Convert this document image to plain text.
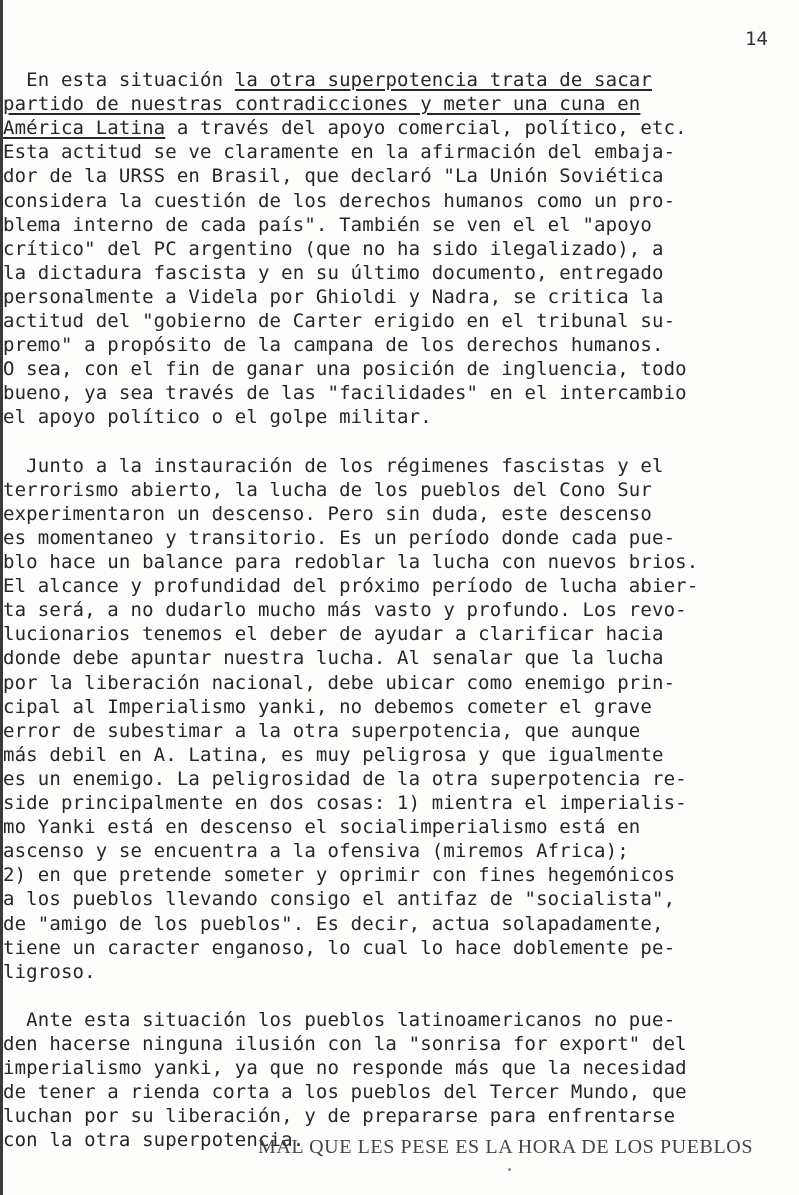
14
En esta situación la otra superpotencia trata de sacar
partido de nuestras contradicciones y meter una cuna en
América Latina a través del apoyo comercial, político, etc.
Esta actitud se ve claramente en la afirmación del embaja-
dor de la URSS en Brasil, que declaró "La Unión Soviética
considera la cuestión de los derechos humanos como un pro-
blema interno de cada país". También se ven el el "apoyo
crítico" del PC argentino (que no ha sido ilegalizado), a
la dictadura fascista y en su último documento, entregado
personalmente a Videla por Ghioldi y Nadra, se critica la
actitud del "gobierno de Carter erigido en el tribunal su-
premo" a propósito de la campana de los derechos humanos.
O sea, con el fin de ganar una posición de ingluencia, todo
bueno, ya sea través de las "facilidades" en el intercambio
el apoyo político o el golpe militar.
Junto a la instauración de los régimenes fascistas y el
terrorismo abierto, la lucha de los pueblos del Cono Sur
experimentaron un descenso. Pero sin duda, este descenso
es momentaneo y transitorio. Es un período donde cada pue-
blo hace un balance para redoblar la lucha con nuevos brios.
El alcance y profundidad del próximo período de lucha abier-
ta será, a no dudarlo mucho más vasto y profundo. Los revo-
lucionarios tenemos el deber de ayudar a clarificar hacia
donde debe apuntar nuestra lucha. Al senalar que la lucha
por la liberación nacional, debe ubicar como enemigo prin-
cipal al Imperialismo yanki, no debemos cometer el grave
error de subestimar a la otra superpotencia, que aunque
más debil en A. Latina, es muy peligrosa y que igualmente
es un enemigo. La peligrosidad de la otra superpotencia re-
side principalmente en dos cosas: 1) mientra el imperialis-
mo Yanki está en descenso el socialimperialismo está en
ascenso y se encuentra a la ofensiva (miremos Africa);
2) en que pretende someter y oprimir con fines hegemónicos
a los pueblos llevando consigo el antifaz de "socialista",
de "amigo de los pueblos". Es decir, actua solapadamente,
tiene un caracter enganoso, lo cual lo hace doblemente pe-
ligroso.
Ante esta situación los pueblos latinoamericanos no pue-
den hacerse ninguna ilusión con la "sonrisa for export" del
imperialismo yanki, ya que no responde más que la necesidad
de tener a rienda corta a los pueblos del Tercer Mundo, que
luchan por su liberación, y de prepararse para enfrentarse
con la otra superpotencia.
MAL QUE LES PESE ES LA HORA DE LOS PUEBLOS
